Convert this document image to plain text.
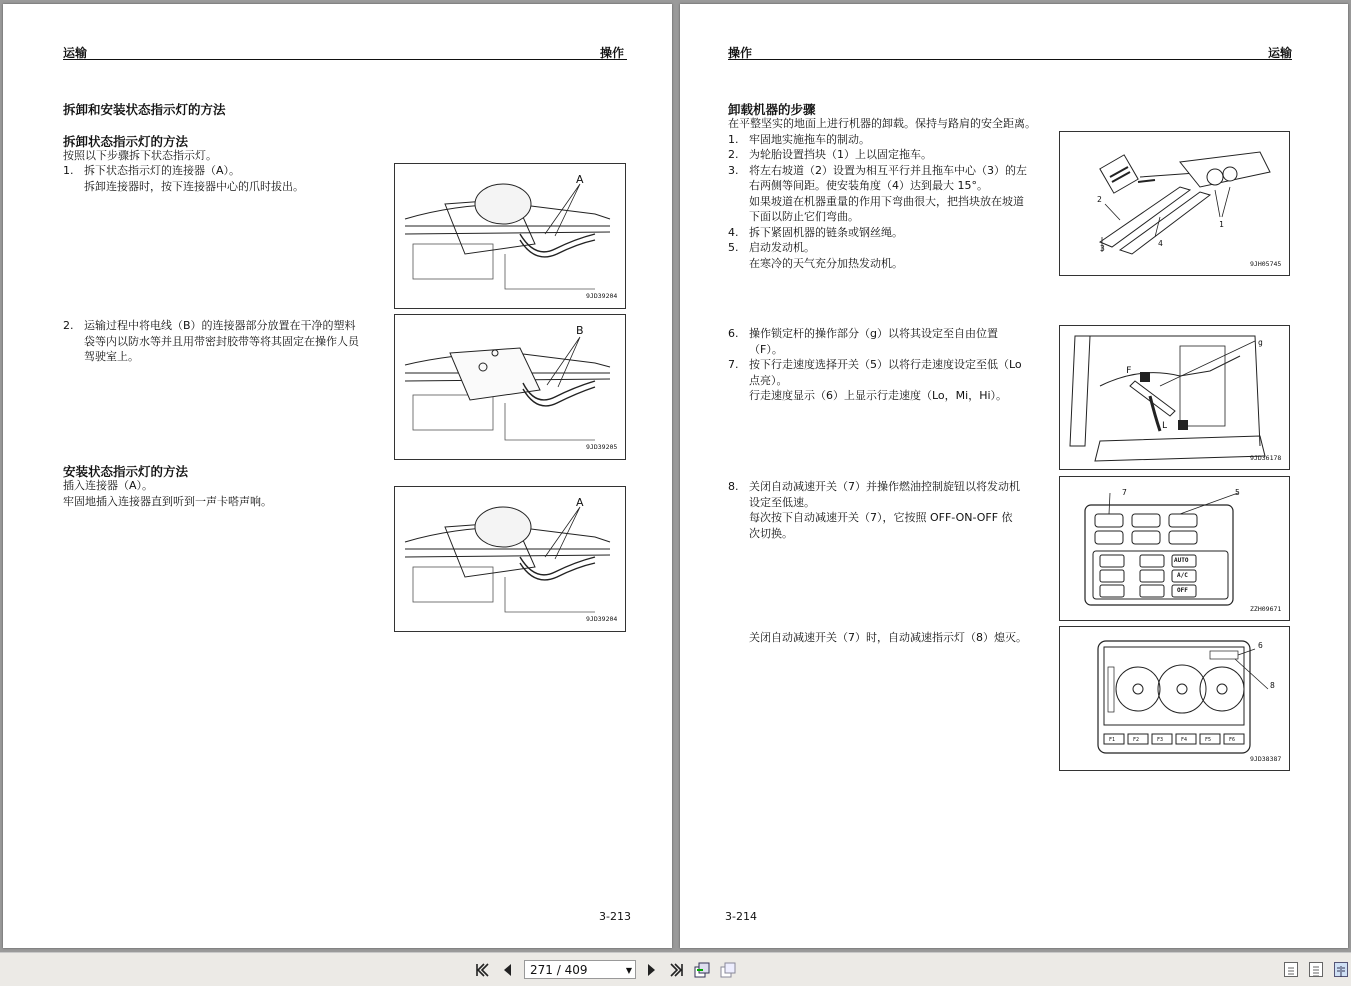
运输	操作
拆卸和安装状态指示灯的方法
拆卸状态指示灯的方法
按照以下步骤拆下状态指示灯。
1. 拆下状态指示灯的连接器（A）。
拆卸连接器时，按下连接器中心的爪时拔出。
2. 运输过程中将电线（B）的连接器部分放置在干净的塑料
袋等内以防水等并且用带密封胶带等将其固定在操作人员
驾驶室上。
安装状态指示灯的方法
插入连接器（A）。
牢固地插入连接器直到听到一声卡嗒声响。
A
9JD39204
B
9JD39205
A
9JD39204
3-213
操作	运输
卸载机器的步骤
在平整坚实的地面上进行机器的卸载。保持与路肩的安全距离。
1. 牢固地实施拖车的制动。
2. 为轮胎设置挡块（1）上以固定拖车。
3. 将左右坡道（2）设置为相互平行并且拖车中心（3）的左
右两侧等间距。使安装角度（4）达到最大 15°。
如果坡道在机器重量的作用下弯曲很大，把挡块放在坡道
下面以防止它们弯曲。
4. 拆下紧固机器的链条或钢丝绳。
5. 启动发动机。
在寒冷的天气充分加热发动机。
6. 操作锁定杆的操作部分（g）以将其设定至自由位置
（F）。
7. 按下行走速度选择开关（5）以将行走速度设定至低（Lo
点亮）。
行走速度显示（6）上显示行走速度（Lo，Mi，Hi）。
8. 关闭自动减速开关（7）并操作燃油控制旋钮以将发动机
设定至低速。
每次按下自动减速开关（7），它按照 OFF-ON-OFF 依
次切换。
关闭自动减速开关（7）时，自动减速指示灯（8）熄灭。
1
2
3
4
9JH05745
g
F
L
9JD36178
7	5
AUTO
A/C
OFF
ZZH09671
6
8
F1	F2	F3	F4	F5	F6
9JD38387
3-214
271 / 409	▼
